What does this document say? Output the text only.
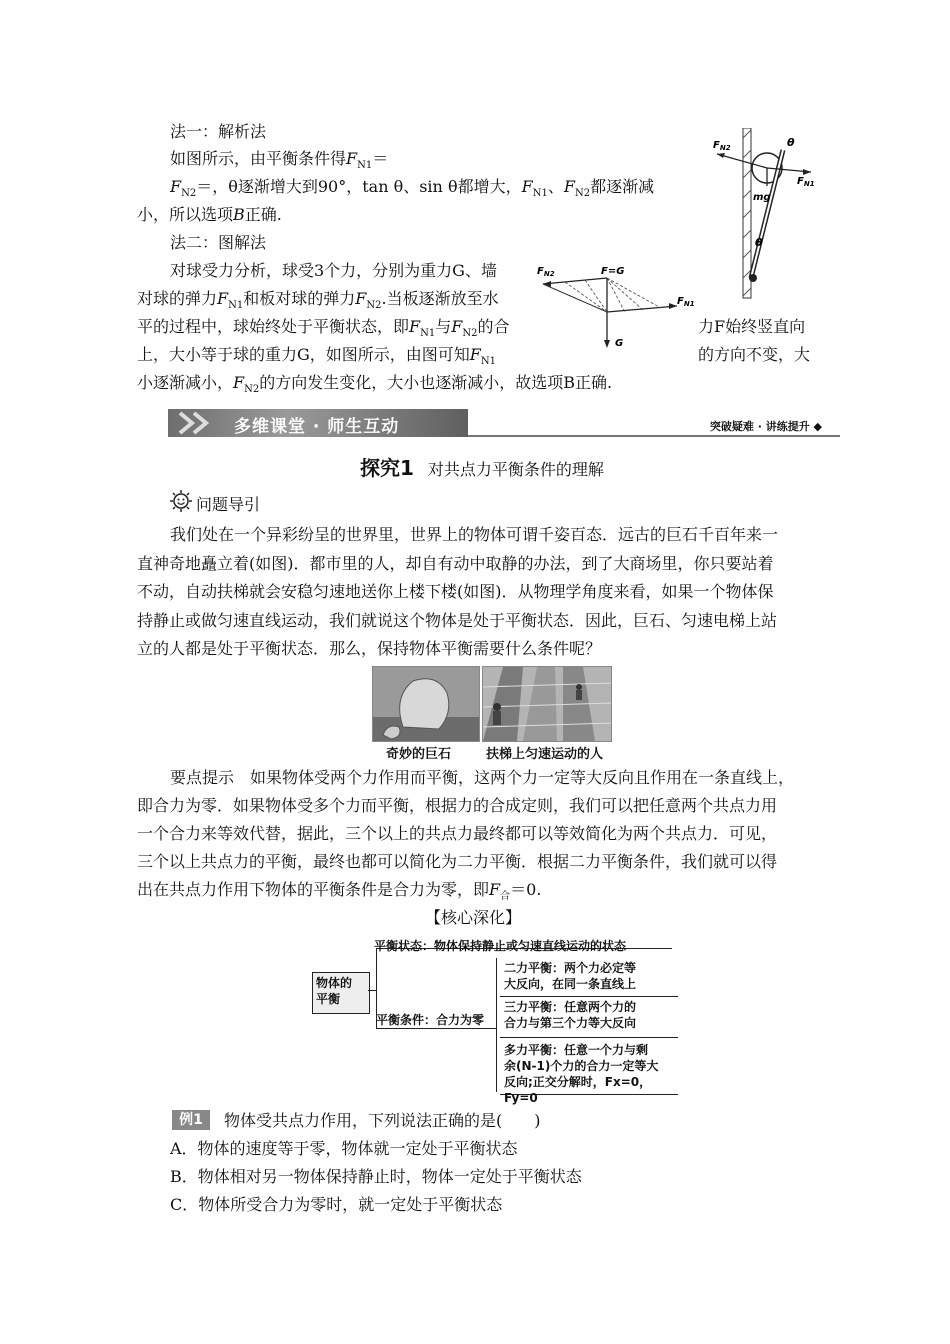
法一：解析法
如图所示，由平衡条件得$F_{N1}=$
$F_{N2}=$，θ逐渐增大到90°，tan θ、sin θ都增大，$F_{N1}$、$F_{N2}$都逐渐减
小，所以选项B正确.
法二：图解法
对球受力分析，球受3个力，分别为重力G、墙
对球的弹力$F_{N1}$和板对球的弹力$F_{N2}$.当板逐渐放至水
平的过程中，球始终处于平衡状态，即$F_{N1}$与$F_{N2}$的合	力F始终竖直向
上，大小等于球的重力G，如图所示，由图可知$F_{N1}$	的方向不变，大
小逐渐减小，$F_{N2}$的方向发生变化，大小也逐渐减小，故选项B正确.
$F_{N2}$	θ
$F_{N1}$
mg
θ
$F_{N2}$	F=G
$F_{N1}$
G
多维课堂 · 师生互动	突破疑难 · 讲练提升 ◆
探究1 对共点力平衡条件的理解
问题导引
我们处在一个异彩纷呈的世界里，世界上的物体可谓千姿百态．远古的巨石千百年来一
直神奇地矗立着(如图)．都市里的人，却自有动中取静的办法，到了大商场里，你只要站着
不动，自动扶梯就会安稳匀速地送你上楼下楼(如图)．从物理学角度来看，如果一个物体保
持静止或做匀速直线运动，我们就说这个物体是处于平衡状态．因此，巨石、匀速电梯上站
立的人都是处于平衡状态．那么，保持物体平衡需要什么条件呢？
奇妙的巨石	扶梯上匀速运动的人
要点提示　如果物体受两个力作用而平衡，这两个力一定等大反向且作用在一条直线上，
即合力为零．如果物体受多个力而平衡，根据力的合成定则，我们可以把任意两个共点力用
一个合力来等效代替，据此，三个以上的共点力最终都可以等效简化为两个共点力．可见，
三个以上共点力的平衡，最终也都可以简化为二力平衡．根据二力平衡条件，我们就可以得
出在共点力作用下物体的平衡条件是合力为零，即$F_合=0$.
【核心深化】
物体的
平衡
平衡状态：物体保持静止或匀速直线运动的状态
平衡条件：合力为零
二力平衡：两个力必定等
大反向，在同一条直线上
三力平衡：任意两个力的
合力与第三个力等大反向
多力平衡：任意一个力与剩
余(N-1)个力的合力一定等大
反向;正交分解时，Fx=0，Fy=0
例1	物体受共点力作用，下列说法正确的是(　　)
A．物体的速度等于零，物体就一定处于平衡状态
B．物体相对另一物体保持静止时，物体一定处于平衡状态
C．物体所受合力为零时，就一定处于平衡状态
